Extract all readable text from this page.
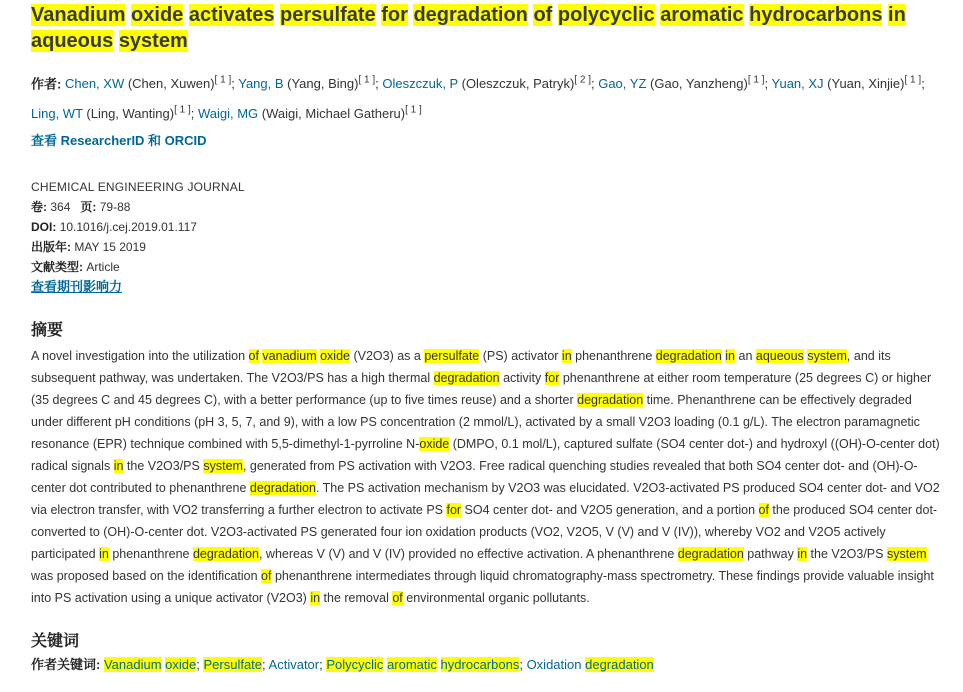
Vanadium oxide activates persulfate for degradation of polycyclic aromatic hydrocarbons in aqueous system
作者: Chen, XW (Chen, Xuwen)[ 1 ]; Yang, B (Yang, Bing)[ 1 ]; Oleszczuk, P (Oleszczuk, Patryk)[ 2 ]; Gao, YZ (Gao, Yanzheng)[ 1 ]; Yuan, XJ (Yuan, Xinjie)[ 1 ]; Ling, WT (Ling, Wanting)[ 1 ]; Waigi, MG (Waigi, Michael Gatheru)[ 1 ]
查看 ResearcherID 和 ORCID
CHEMICAL ENGINEERING JOURNAL
卷: 364 页: 79-88
DOI: 10.1016/j.cej.2019.01.117
出版年: MAY 15 2019
文献类型: Article
查看期刊影响力
摘要
A novel investigation into the utilization of vanadium oxide (V2O3) as a persulfate (PS) activator in phenanthrene degradation in an aqueous system, and its subsequent pathway, was undertaken. The V2O3/PS has a high thermal degradation activity for phenanthrene at either room temperature (25 degrees C) or higher (35 degrees C and 45 degrees C), with a better performance (up to five times reuse) and a shorter degradation time. Phenanthrene can be effectively degraded under different pH conditions (pH 3, 5, 7, and 9), with a low PS concentration (2 mmol/L), activated by a small V2O3 loading (0.1 g/L). The electron paramagnetic resonance (EPR) technique combined with 5,5-dimethyl-1-pyrroline N-oxide (DMPO, 0.1 mol/L), captured sulfate (SO4 center dot-) and hydroxyl ((OH)-O-center dot) radical signals in the V2O3/PS system, generated from PS activation with V2O3. Free radical quenching studies revealed that both SO4 center dot- and (OH)-O-center dot contributed to phenanthrene degradation. The PS activation mechanism by V2O3 was elucidated. V2O3-activated PS produced SO4 center dot- and VO2 via electron transfer, with VO2 transferring a further electron to activate PS for SO4 center dot- and V2O5 generation, and a portion of the produced SO4 center dot- converted to (OH)-O-center dot. V2O3-activated PS generated four ion oxidation products (VO2, V2O5, V (V) and V (IV)), whereby VO2 and V2O5 actively participated in phenanthrene degradation, whereas V (V) and V (IV) provided no effective activation. A phenanthrene degradation pathway in the V2O3/PS system was proposed based on the identification of phenanthrene intermediates through liquid chromatography-mass spectrometry. These findings provide valuable insight into PS activation using a unique activator (V2O3) in the removal of environmental organic pollutants.
关键词
作者关键词: Vanadium oxide; Persulfate; Activator; Polycyclic aromatic hydrocarbons; Oxidation degradation
